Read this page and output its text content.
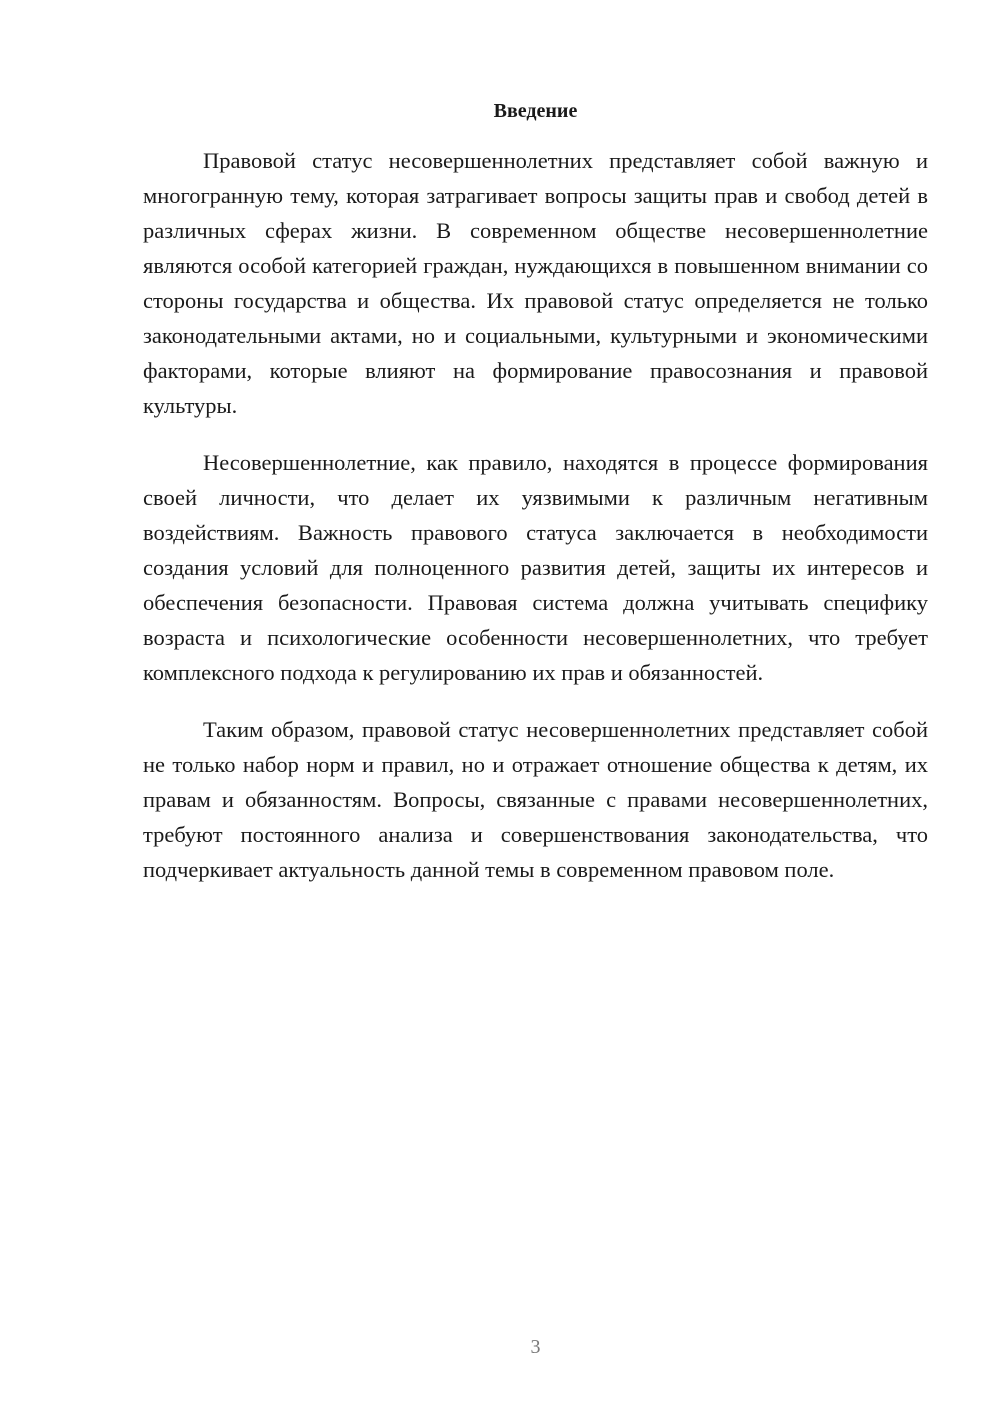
Введение

Правовой статус несовершеннолетних представляет собой важную и многогранную тему, которая затрагивает вопросы защиты прав и свобод детей в различных сферах жизни. В современном обществе несовершеннолетние являются особой категорией граждан, нуждающихся в повышенном внимании со стороны государства и общества. Их правовой статус определяется не только законодательными актами, но и социальными, культурными и экономическими факторами, которые влияют на формирование правосознания и правовой культуры.

Несовершеннолетние, как правило, находятся в процессе формирования своей личности, что делает их уязвимыми к различным негативным воздействиям. Важность правового статуса заключается в необходимости создания условий для полноценного развития детей, защиты их интересов и обеспечения безопасности. Правовая система должна учитывать специфику возраста и психологические особенности несовершеннолетних, что требует комплексного подхода к регулированию их прав и обязанностей.

Таким образом, правовой статус несовершеннолетних представляет собой не только набор норм и правил, но и отражает отношение общества к детям, их правам и обязанностям. Вопросы, связанные с правами несовершеннолетних, требуют постоянного анализа и совершенствования законодательства, что подчеркивает актуальность данной темы в современном правовом поле.

3
